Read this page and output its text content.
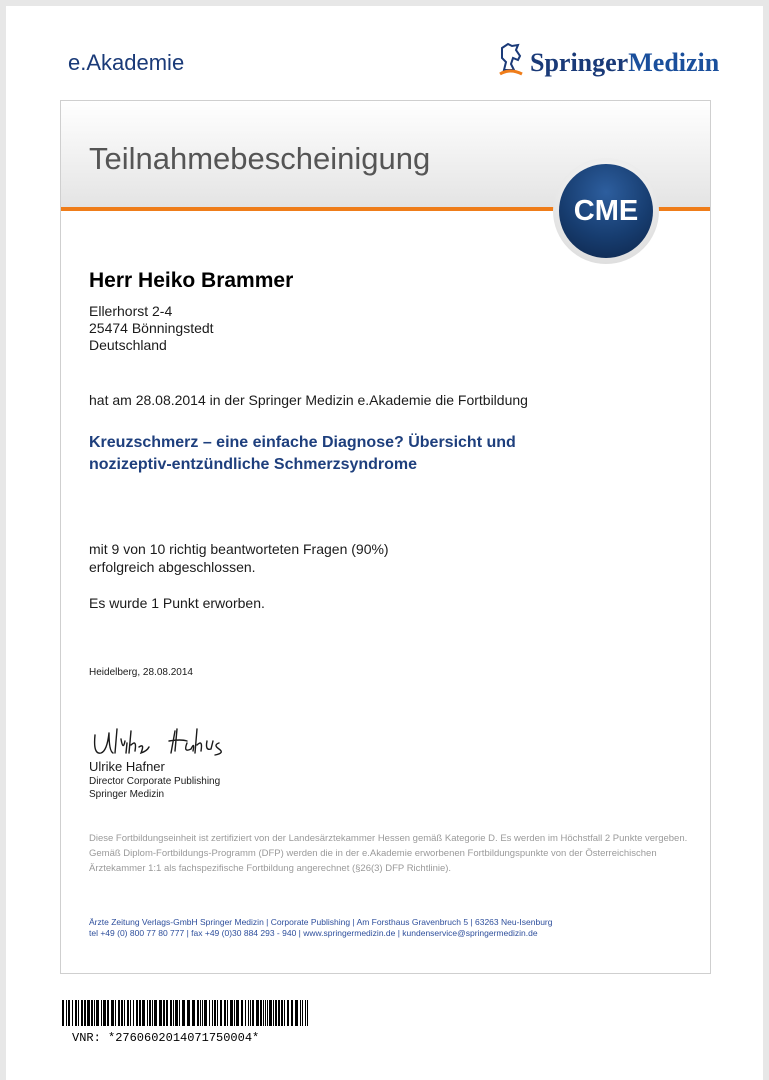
e.Akademie	SpringerMedizin
Teilnahmebescheinigung
CME
Herr Heiko Brammer
Ellerhorst 2-4
25474 Bönningstedt
Deutschland
hat am 28.08.2014 in der Springer Medizin e.Akademie die Fortbildung
Kreuzschmerz – eine einfache Diagnose? Übersicht und
nozizeptiv-entzündliche Schmerzsyndrome
mit 9 von 10 richtig beantworteten Fragen (90%)
erfolgreich abgeschlossen.
Es wurde 1 Punkt erworben.
Heidelberg, 28.08.2014
Ulrike Hafner
Director Corporate Publishing
Springer Medizin
Diese Fortbildungseinheit ist zertifiziert von der Landesärztekammer Hessen gemäß Kategorie D. Es werden im Höchstfall 2 Punkte vergeben. Gemäß Diplom-Fortbildungs-Programm (DFP) werden die in der e.Akademie erworbenen Fortbildungspunkte von der Österreichischen Ärztekammer 1:1 als fachspezifische Fortbildung angerechnet (§26(3) DFP Richtlinie).
Ärzte Zeitung Verlags-GmbH Springer Medizin | Corporate Publishing | Am Forsthaus Gravenbruch 5 | 63263 Neu-Isenburg
tel +49 (0) 800 77 80 777 | fax +49 (0)30 884 293 - 940 | www.springermedizin.de | kundenservice@springermedizin.de
VNR: *2760602014071750004*
